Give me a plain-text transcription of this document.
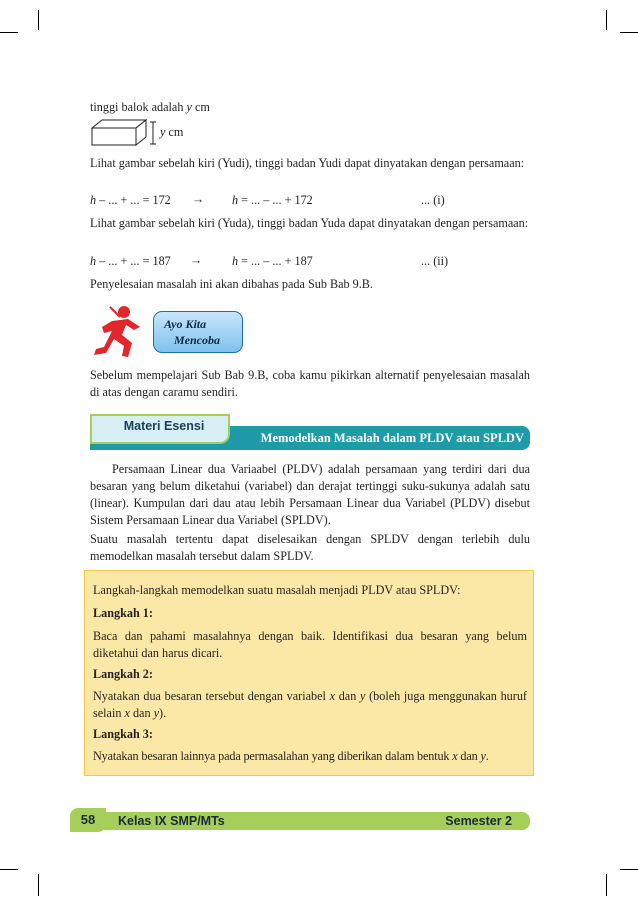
tinggi balok adalah y cm
y cm
Lihat gambar sebelah kiri (Yudi), tinggi badan Yudi dapat dinyatakan dengan persamaan:
h – ... + ... = 172 → h = ... – ... + 172	... (i)
Lihat gambar sebelah kiri (Yuda), tinggi badan Yuda dapat dinyatakan dengan persamaan:
h – ... + ... = 187 → h = ... – ... + 187	... (ii)
Penyelesaian masalah ini akan dibahas pada Sub Bab 9.B.
Ayo Kita
Mencoba
Sebelum mempelajari Sub Bab 9.B, coba kamu pikirkan alternatif penyelesaian masalah di atas dengan caramu sendiri.
Materi Esensi
Memodelkan Masalah dalam PLDV atau SPLDV
Persamaan Linear dua Variaabel (PLDV) adalah persamaan yang terdiri dari dua besaran yang belum diketahui (variabel) dan derajat tertinggi suku-sukunya adalah satu (linear). Kumpulan dari dau atau lebih Persamaan Linear dua Variabel (PLDV) disebut Sistem Persamaan Linear dua Variabel (SPLDV).
Suatu masalah tertentu dapat diselesaikan dengan SPLDV dengan terlebih dulu memodelkan masalah tersebut dalam SPLDV.
Langkah-langkah memodelkan suatu masalah menjadi PLDV atau SPLDV:
Langkah 1:
Baca dan pahami masalahnya dengan baik. Identifikasi dua besaran yang belum diketahui dan harus dicari.
Langkah 2:
Nyatakan dua besaran tersebut dengan variabel x dan y (boleh juga menggunakan huruf selain x dan y).
Langkah 3:
Nyatakan besaran lainnya pada permasalahan yang diberikan dalam bentuk x dan y.
58	Kelas IX SMP/MTs	Semester 2
